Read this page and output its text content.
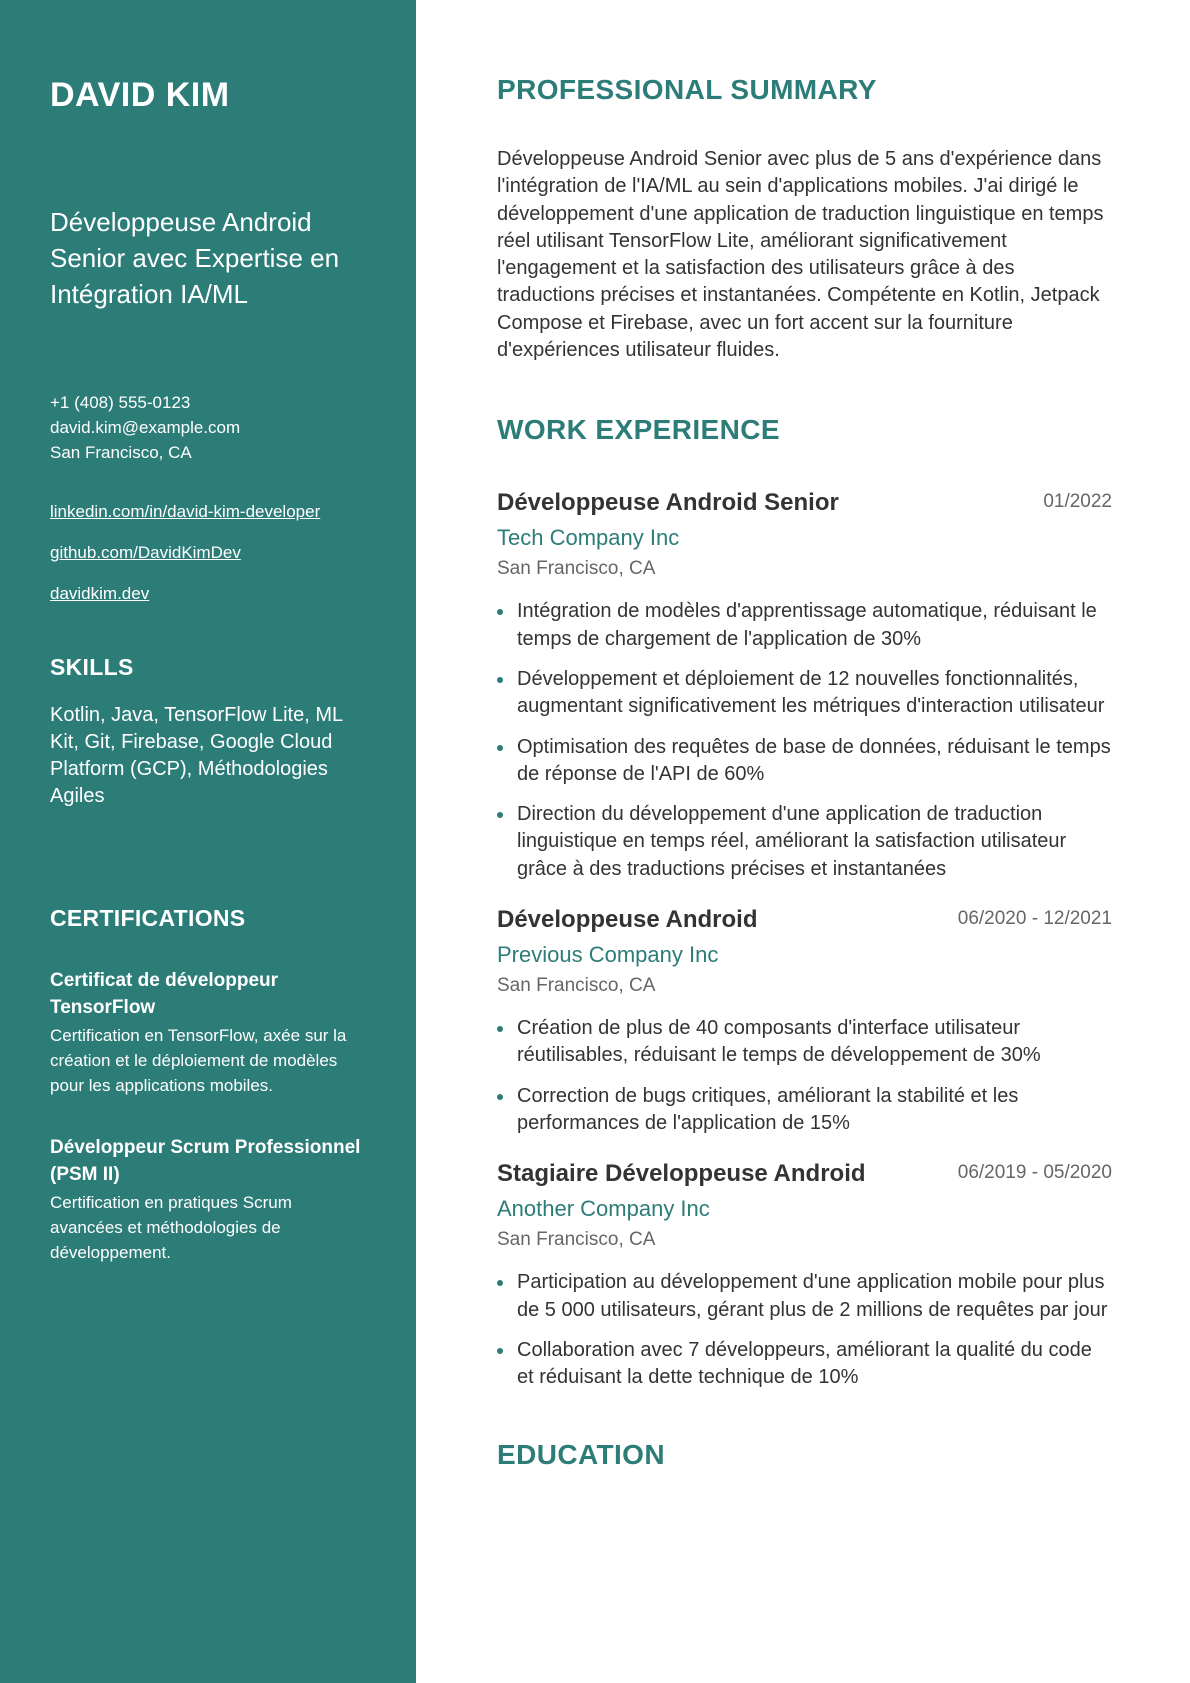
DAVID KIM
Développeuse Android Senior avec Expertise en Intégration IA/ML
+1 (408) 555-0123
david.kim@example.com
San Francisco, CA
linkedin.com/in/david-kim-developer
github.com/DavidKimDev
davidkim.dev
SKILLS

Kotlin, Java, TensorFlow Lite, ML Kit, Git, Firebase, Google Cloud Platform (GCP), Méthodologies Agiles

CERTIFICATIONS
Certificat de développeur TensorFlow
Certification en TensorFlow, axée sur la création et le déploiement de modèles pour les applications mobiles.
Développeur Scrum Professionnel (PSM II)
Certification en pratiques Scrum avancées et méthodologies de développement.
PROFESSIONAL SUMMARY

Développeuse Android Senior avec plus de 5 ans d'expérience dans l'intégration de l'IA/ML au sein d'applications mobiles. J'ai dirigé le développement d'une application de traduction linguistique en temps réel utilisant TensorFlow Lite, améliorant significativement l'engagement et la satisfaction des utilisateurs grâce à des traductions précises et instantanées. Compétente en Kotlin, Jetpack Compose et Firebase, avec un fort accent sur la fourniture d'expériences utilisateur fluides.

WORK EXPERIENCE
Développeuse Android Senior	01/2022
Tech Company Inc
San Francisco, CA
Intégration de modèles d'apprentissage automatique, réduisant le temps de chargement de l'application de 30%
Développement et déploiement de 12 nouvelles fonctionnalités, augmentant significativement les métriques d'interaction utilisateur
Optimisation des requêtes de base de données, réduisant le temps de réponse de l'API de 60%
Direction du développement d'une application de traduction linguistique en temps réel, améliorant la satisfaction utilisateur grâce à des traductions précises et instantanées
Développeuse Android	06/2020 - 12/2021
Previous Company Inc
San Francisco, CA
Création de plus de 40 composants d'interface utilisateur réutilisables, réduisant le temps de développement de 30%
Correction de bugs critiques, améliorant la stabilité et les performances de l'application de 15%
Stagiaire Développeuse Android	06/2019 - 05/2020
Another Company Inc
San Francisco, CA
Participation au développement d'une application mobile pour plus de 5 000 utilisateurs, gérant plus de 2 millions de requêtes par jour
Collaboration avec 7 développeurs, améliorant la qualité du code et réduisant la dette technique de 10%
EDUCATION
